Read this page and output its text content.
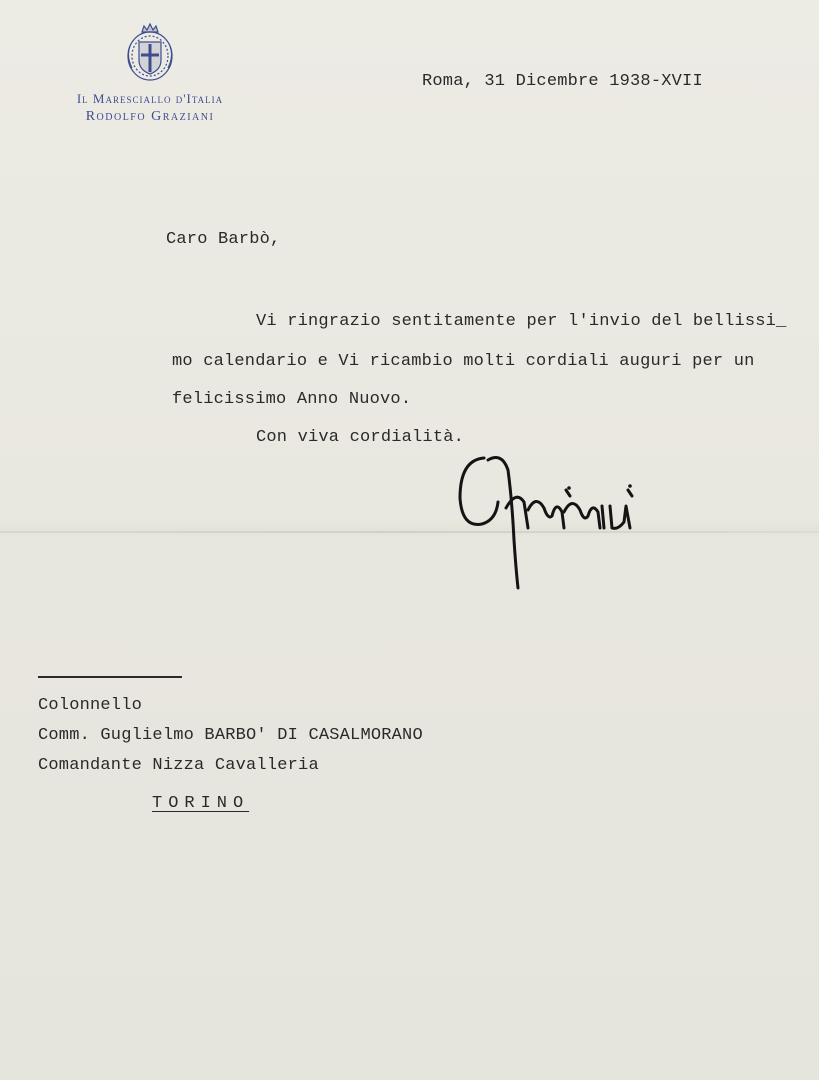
Il Maresciallo d'Italia
Rodolfo Graziani
Roma, 31 Dicembre 1938-XVII
Caro Barbò,
Vi ringrazio sentitamente per l'invio del bellissi_
mo calendario e Vi ricambio molti cordiali auguri per un
felicissimo Anno Nuovo.
Con viva cordialità.
Colonnello
Comm. Guglielmo BARBO' DI CASALMORANO
Comandante Nizza Cavalleria
TORINO
